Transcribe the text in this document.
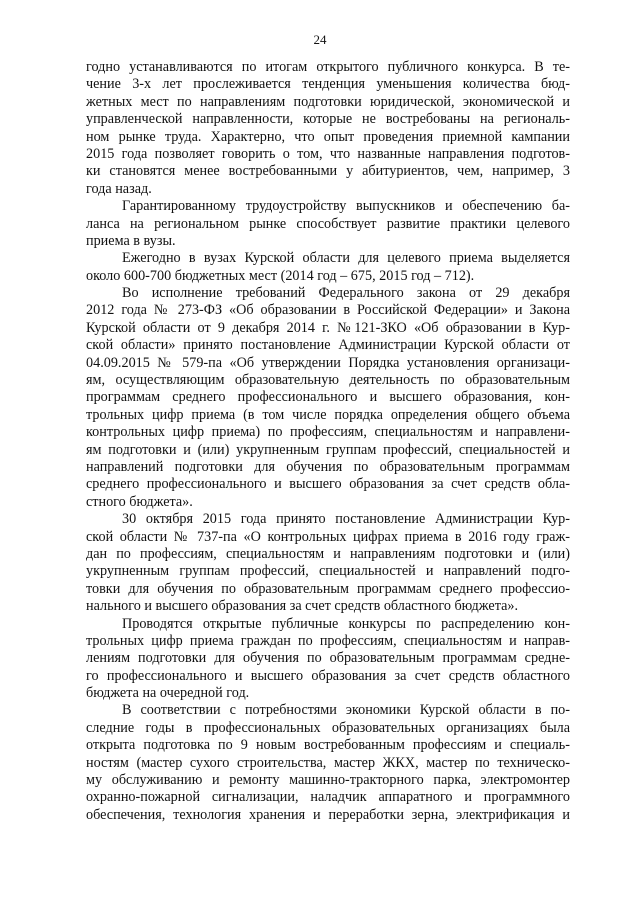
24
годно устанавливаются по итогам открытого публичного конкурса. В те-
чение 3-х лет прослеживается тенденция уменьшения количества бюд-
жетных мест по направлениям подготовки юридической, экономической и
управленческой направленности, которые не востребованы на региональ-
ном рынке труда. Характерно, что опыт проведения приемной кампании
2015 года позволяет говорить о том, что названные направления подготов-
ки становятся менее востребованными у абитуриентов, чем, например, 3
года назад.
Гарантированному трудоустройству выпускников и обеспечению ба-
ланса на региональном рынке способствует развитие практики целевого
приема в вузы.
Ежегодно в вузах Курской области для целевого приема выделяется
около 600-700 бюджетных мест (2014 год – 675, 2015 год – 712).
Во исполнение требований Федерального закона от 29 декабря
2012 года № 273-ФЗ «Об образовании в Российской Федерации» и Закона
Курской области от 9 декабря 2014 г. №121-ЗКО «Об образовании в Кур-
ской области» принято постановление Администрации Курской области от
04.09.2015 № 579-па «Об утверждении Порядка установления организаци-
ям, осуществляющим образовательную деятельность по образовательным
программам среднего профессионального и высшего образования, кон-
трольных цифр приема (в том числе порядка определения общего объема
контрольных цифр приема) по профессиям, специальностям и направлени-
ям подготовки и (или) укрупненным группам профессий, специальностей и
направлений подготовки для обучения по образовательным программам
среднего профессионального и высшего образования за счет средств обла-
стного бюджета».
30 октября 2015 года принято постановление Администрации Кур-
ской области № 737-па «О контрольных цифрах приема в 2016 году граж-
дан по профессиям, специальностям и направлениям подготовки и (или)
укрупненным группам профессий, специальностей и направлений подго-
товки для обучения по образовательным программам среднего профессио-
нального и высшего образования за счет средств областного бюджета».
Проводятся открытые публичные конкурсы по распределению кон-
трольных цифр приема граждан по профессиям, специальностям и направ-
лениям подготовки для обучения по образовательным программам средне-
го профессионального и высшего образования за счет средств областного
бюджета на очередной год.
В соответствии с потребностями экономики Курской области в по-
следние годы в профессиональных образовательных организациях была
открыта подготовка по 9 новым востребованным профессиям и специаль-
ностям (мастер сухого строительства, мастер ЖКХ, мастер по техническо-
му обслуживанию и ремонту машинно-тракторного парка, электромонтер
охранно-пожарной сигнализации, наладчик аппаратного и программного
обеспечения, технология хранения и переработки зерна, электрификация и
